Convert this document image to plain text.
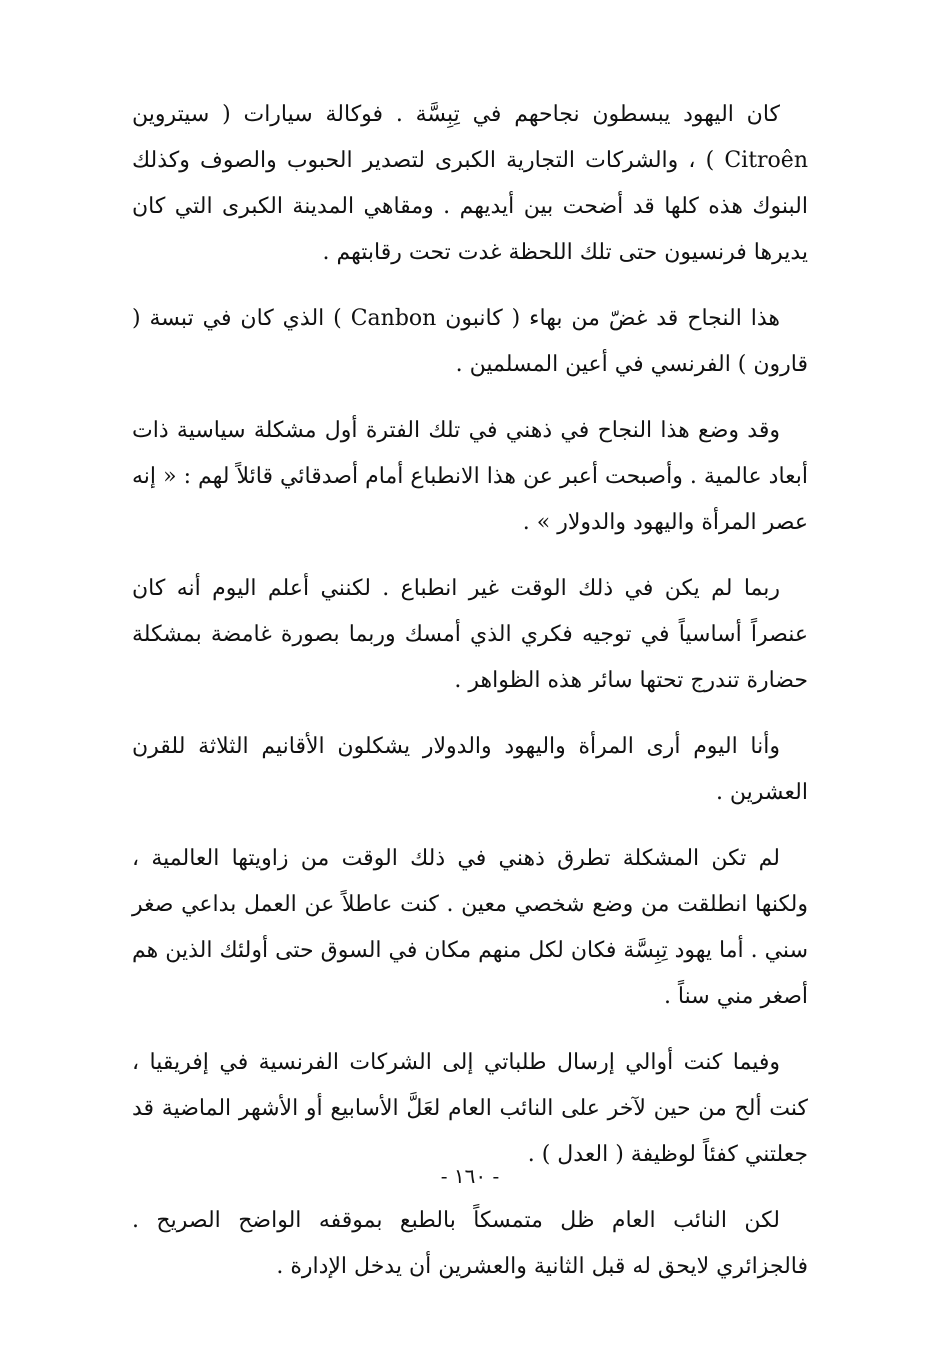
كان اليهود يبسطون نجاحهم في تِبِسَّة . فوكالة سيارات ( سيتروين Citroên ) ، والشركات التجارية الكبرى لتصدير الحبوب والصوف وكذلك البنوك هذه كلها قد أضحت بين أيديهم . ومقاهي المدينة الكبرى التي كان يديرها فرنسيون حتى تلك اللحظة غدت تحت رقابتهم .

هذا النجاح قد غضّ من بهاء ( كانبون Canbon ) الذي كان في تبسة ( قارون ) الفرنسي في أعين المسلمين .

وقد وضع هذا النجاح في ذهني في تلك الفترة أول مشكلة سياسية ذات أبعاد عالمية . وأصبحت أعبر عن هذا الانطباع أمام أصدقائي قائلاً لهم : « إنه عصر المرأة واليهود والدولار » .

ربما لم يكن في ذلك الوقت غير انطباع . لكنني أعلم اليوم أنه كان عنصراً أساسياً في توجيه فكري الذي أمسك وربما بصورة غامضة بمشكلة حضارة تندرج تحتها سائر هذه الظواهر .

وأنا اليوم أرى المرأة واليهود والدولار يشكلون الأقانيم الثلاثة للقرن العشرين .

لم تكن المشكلة تطرق ذهني في ذلك الوقت من زاويتها العالمية ، ولكنها انطلقت من وضع شخصي معين . كنت عاطلاً عن العمل بداعي صغر سني . أما يهود تِبِسَّة فكان لكل منهم مكان في السوق حتى أولئك الذين هم أصغر مني سناً .

وفيما كنت أوالي إرسال طلباتي إلى الشركات الفرنسية في إفريقيا ، كنت ألح من حين لآخر على النائب العام لعَلَّ الأسابيع أو الأشهر الماضية قد جعلتني كفئاً لوظيفة ( العدل ) .

لكن النائب العام ظل متمسكاً بالطبع بموقفه الواضح الصريح . فالجزائري لايحق له قبل الثانية والعشرين أن يدخل الإدارة .

- ١٦٠ -
